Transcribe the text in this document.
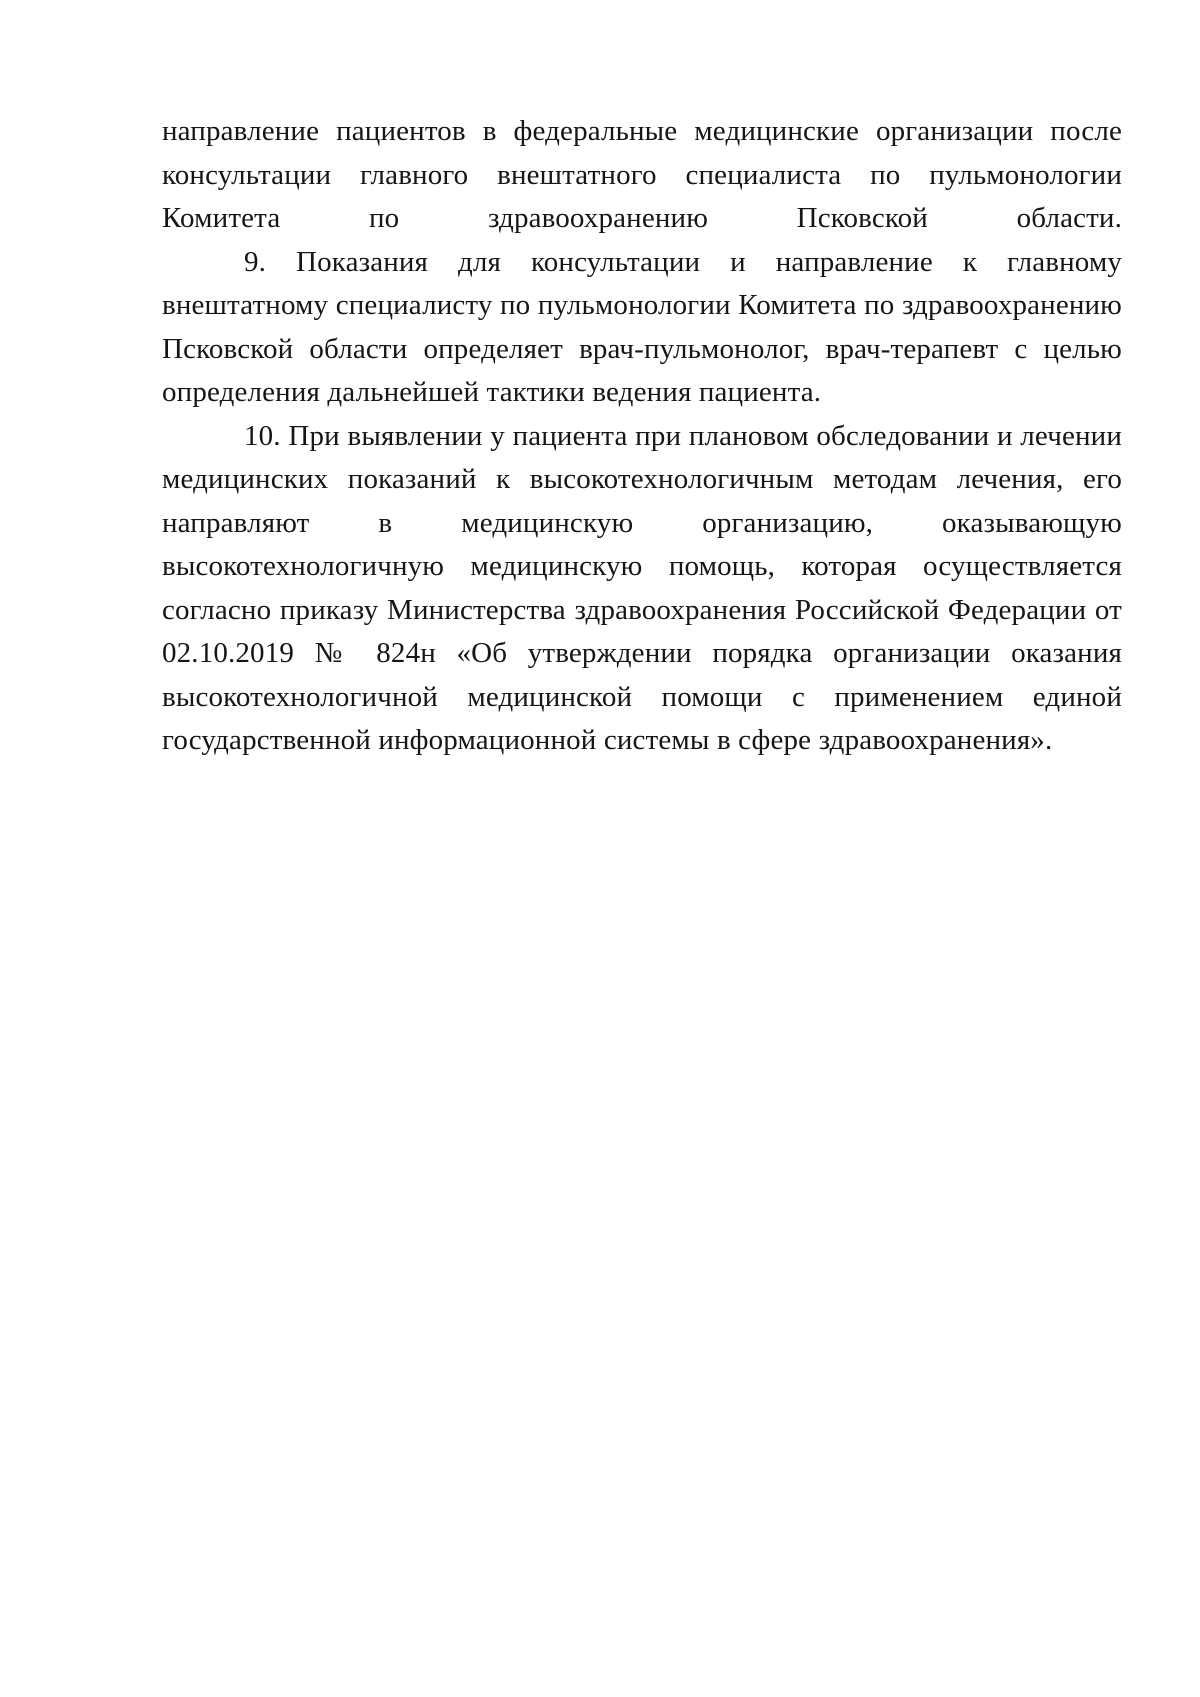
направление пациентов в федеральные медицинские организации после консультации главного внештатного специалиста по пульмонологии Комитета по здравоохранению Псковской области.

9. Показания для консультации и направление к главному внештатному специалисту по пульмонологии Комитета по здравоохранению Псковской области определяет врач-пульмонолог, врач-терапевт с целью определения дальнейшей тактики ведения пациента.

10. При выявлении у пациента при плановом обследовании и лечении медицинских показаний к высокотехнологичным методам лечения, его направляют в медицинскую организацию, оказывающую высокотехнологичную медицинскую помощь, которая осуществляется согласно приказу Министерства здравоохранения Российской Федерации от 02.10.2019 № 824н «Об утверждении порядка организации оказания высокотехнологичной медицинской помощи с применением единой государственной информационной системы в сфере здравоохранения».
